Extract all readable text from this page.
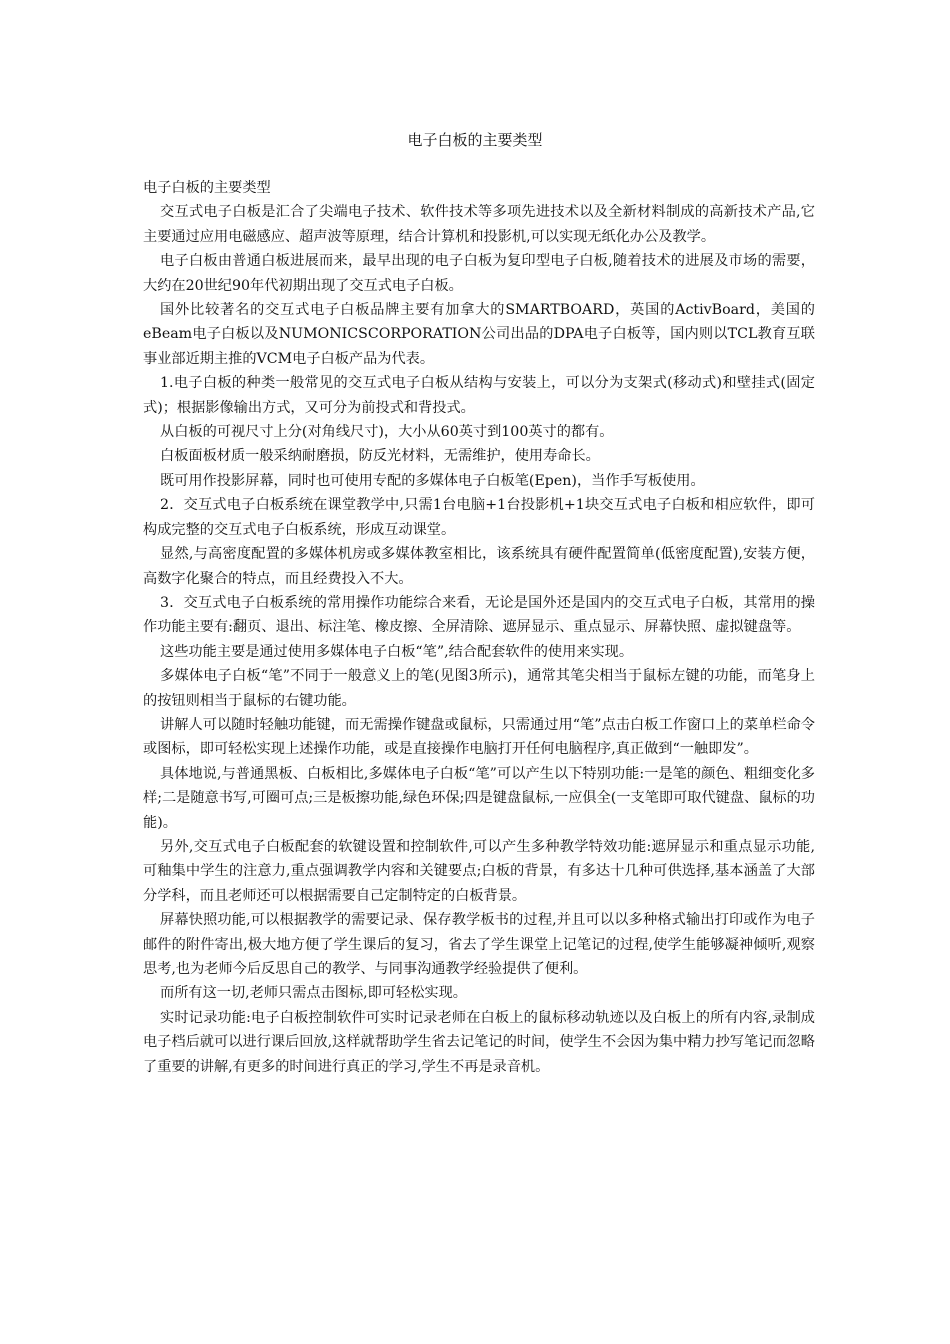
电子白板的主要类型

电子白板的主要类型

交互式电子白板是汇合了尖端电子技术、软件技术等多项先进技术以及全新材料制成的高新技术产品,它主要通过应用电磁感应、超声波等原理，结合计算机和投影机,可以实现无纸化办公及教学。

电子白板由普通白板进展而来，最早出现的电子白板为复印型电子白板,随着技术的进展及市场的需要，大约在20世纪90年代初期出现了交互式电子白板。

国外比较著名的交互式电子白板品牌主要有加拿大的SMARTBOARD，英国的ActivBoard，美国的eBeam电子白板以及NUMONICSCORPORATION公司出品的DPA电子白板等，国内则以TCL教育互联事业部近期主推的VCM电子白板产品为代表。

1.电子白板的种类一般常见的交互式电子白板从结构与安装上，可以分为支架式(移动式)和壁挂式(固定式)；根据影像输出方式，又可分为前投式和背投式。

从白板的可视尺寸上分(对角线尺寸)，大小从60英寸到100英寸的都有。

白板面板材质一般采纳耐磨损，防反光材料，无需维护，使用寿命长。

既可用作投影屏幕，同时也可使用专配的多媒体电子白板笔(Epen)，当作手写板使用。

2．交互式电子白板系统在课堂教学中,只需1台电脑+1台投影机+1块交互式电子白板和相应软件，即可构成完整的交互式电子白板系统，形成互动课堂。

显然,与高密度配置的多媒体机房或多媒体教室相比，该系统具有硬件配置简单(低密度配置),安装方便，高数字化聚合的特点，而且经费投入不大。

3．交互式电子白板系统的常用操作功能综合来看，无论是国外还是国内的交互式电子白板，其常用的操作功能主要有:翻页、退出、标注笔、橡皮擦、全屏清除、遮屏显示、重点显示、屏幕快照、虚拟键盘等。

这些功能主要是通过使用多媒体电子白板“笔”,结合配套软件的使用来实现。

多媒体电子白板“笔”不同于一般意义上的笔(见图3所示)，通常其笔尖相当于鼠标左键的功能，而笔身上的按钮则相当于鼠标的右键功能。

讲解人可以随时轻触功能键，而无需操作键盘或鼠标，只需通过用“笔”点击白板工作窗口上的菜单栏命令或图标，即可轻松实现上述操作功能，或是直接操作电脑打开任何电脑程序,真正做到“一触即发”。

具体地说,与普通黑板、白板相比,多媒体电子白板“笔”可以产生以下特别功能:一是笔的颜色、粗细变化多样;二是随意书写,可圈可点;三是板擦功能,绿色环保;四是键盘鼠标,一应俱全(一支笔即可取代键盘、鼠标的功能)。

另外,交互式电子白板配套的软键设置和控制软件,可以产生多种教学特效功能:遮屏显示和重点显示功能,可釉集中学生的注意力,重点强调教学内容和关键要点;白板的背景，有多达十几种可供选择,基本涵盖了大部分学科，而且老师还可以根据需要自己定制特定的白板背景。

屏幕快照功能,可以根据教学的需要记录、保存教学板书的过程,并且可以以多种格式输出打印或作为电子邮件的附件寄出,极大地方便了学生课后的复习，省去了学生课堂上记笔记的过程,使学生能够凝神倾听,观察思考,也为老师今后反思自己的教学、与同事沟通教学经验提供了便利。

而所有这一切,老师只需点击图标,即可轻松实现。

实时记录功能:电子白板控制软件可实时记录老师在白板上的鼠标移动轨迹以及白板上的所有内容,录制成电子档后就可以进行课后回放,这样就帮助学生省去记笔记的时间，使学生不会因为集中精力抄写笔记而忽略了重要的讲解,有更多的时间进行真正的学习,学生不再是录音机。
